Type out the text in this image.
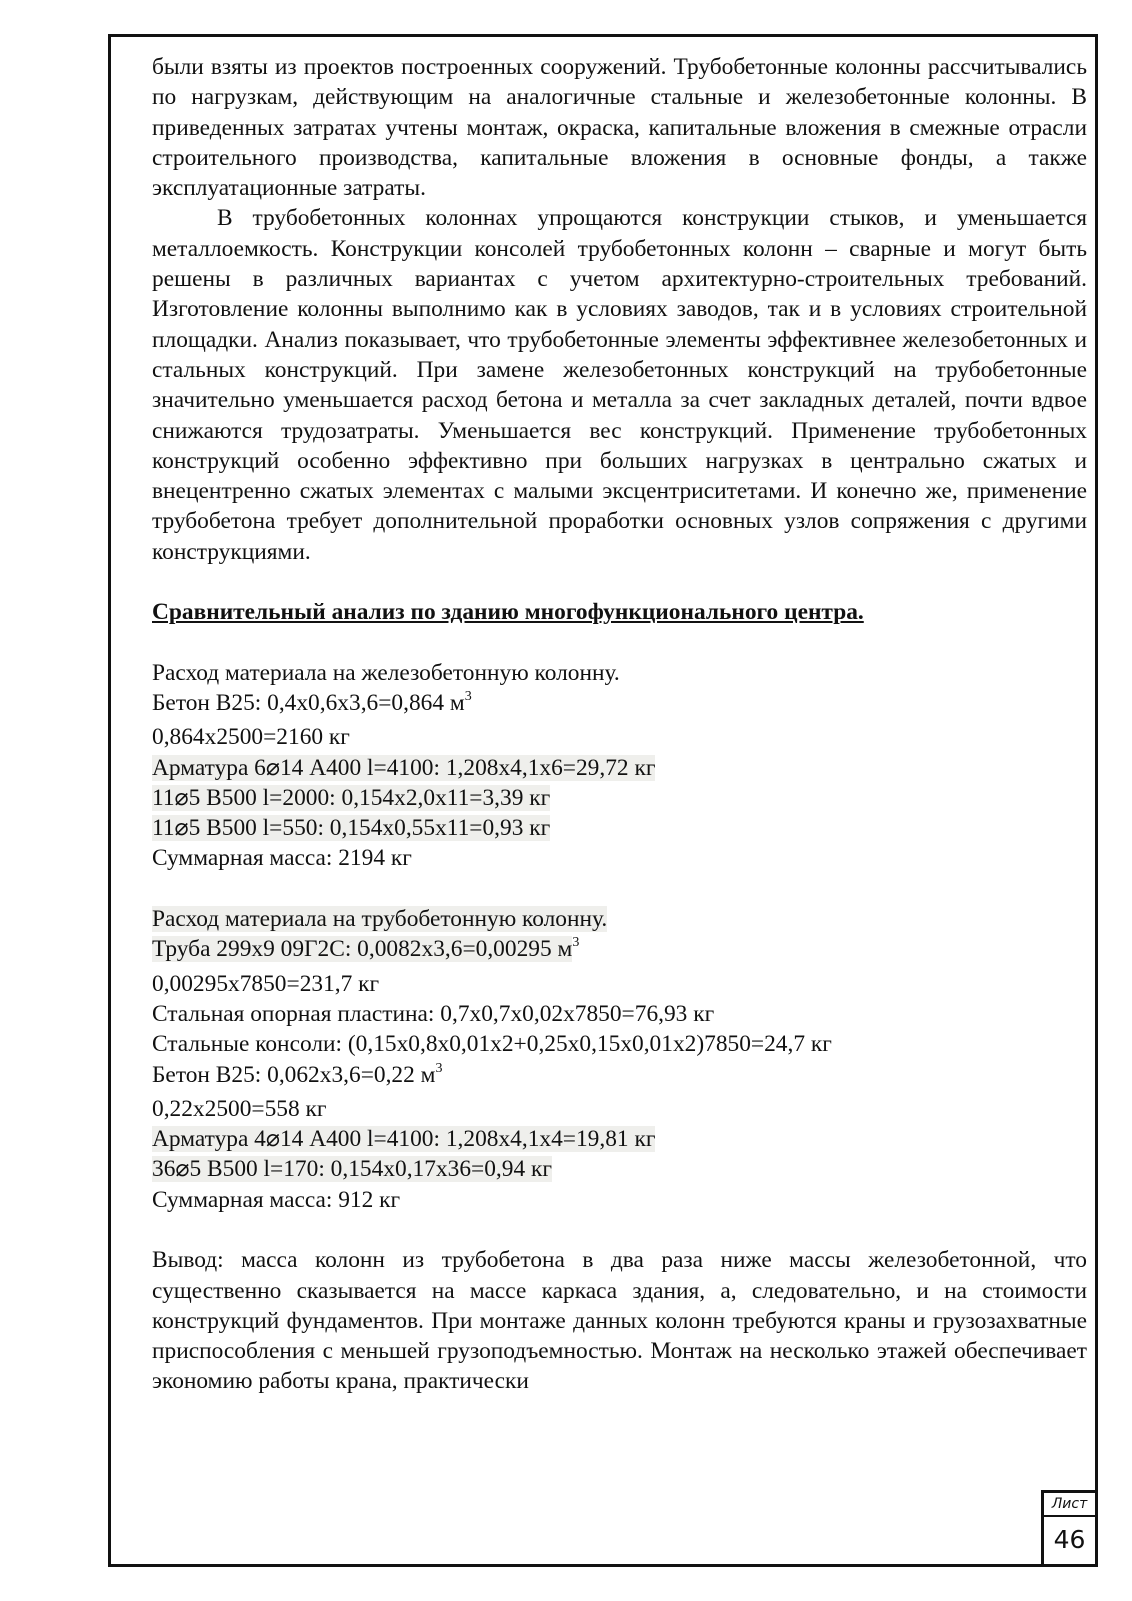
были взяты из проектов построенных сооружений. Трубобетонные колонны рассчитывались по нагрузкам, действующим на аналогичные стальные и железобетонные колонны. В приведенных затратах учтены монтаж, окраска, капитальные вложения в смежные отрасли строительного производства, капитальные вложения в основные фонды, а также эксплуатационные затраты.

В трубобетонных колоннах упрощаются конструкции стыков, и уменьшается металлоемкость. Конструкции консолей трубобетонных колонн – сварные и могут быть решены в различных вариантах с учетом архитектурно-строительных требований. Изготовление колонны выполнимо как в условиях заводов, так и в условиях строительной площадки. Анализ показывает, что трубобетонные элементы эффективнее железобетонных и стальных конструкций. При замене железобетонных конструкций на трубобетонные значительно уменьшается расход бетона и металла за счет закладных деталей, почти вдвое снижаются трудозатраты. Уменьшается вес конструкций. Применение трубобетонных конструкций особенно эффективно при больших нагрузках в центрально сжатых и внецентренно сжатых элементах с малыми эксцентриситетами. И конечно же, применение трубобетона требует дополнительной проработки основных узлов сопряжения с другими конструкциями.

Сравнительный анализ по зданию многофункционального центра.

Расход материала на железобетонную колонну.
Бетон В25: 0,4х0,6х3,6=0,864 $м^3$
0,864х2500=2160 кг
Арматура 6⌀14 А400 l=4100: 1,208х4,1х6=29,72 кг
11⌀5 В500 l=2000: 0,154х2,0х11=3,39 кг
11⌀5 В500 l=550: 0,154х0,55х11=0,93 кг
Суммарная масса: 2194 кг
Расход материала на трубобетонную колонну.
Труба 299х9 09Г2С: 0,0082х3,6=0,00295 $м^3$
0,00295х7850=231,7 кг
Стальная опорная пластина: 0,7х0,7х0,02х7850=76,93 кг
Стальные консоли: (0,15х0,8х0,01х2+0,25х0,15х0,01х2)7850=24,7 кг
Бетон В25: 0,062х3,6=0,22 $м^3$
0,22х2500=558 кг
Арматура 4⌀14 А400 l=4100: 1,208х4,1х4=19,81 кг
36⌀5 В500 l=170: 0,154х0,17х36=0,94 кг
Суммарная масса: 912 кг

Вывод: масса колонн из трубобетона в два раза ниже массы железобетонной, что существенно сказывается на массе каркаса здания, а, следовательно, и на стоимости конструкций фундаментов. При монтаже данных колонн требуются краны и грузозахватные приспособления с меньшей грузоподъемностью. Монтаж на несколько этажей обеспечивает экономию работы крана, практически

Лист
46
